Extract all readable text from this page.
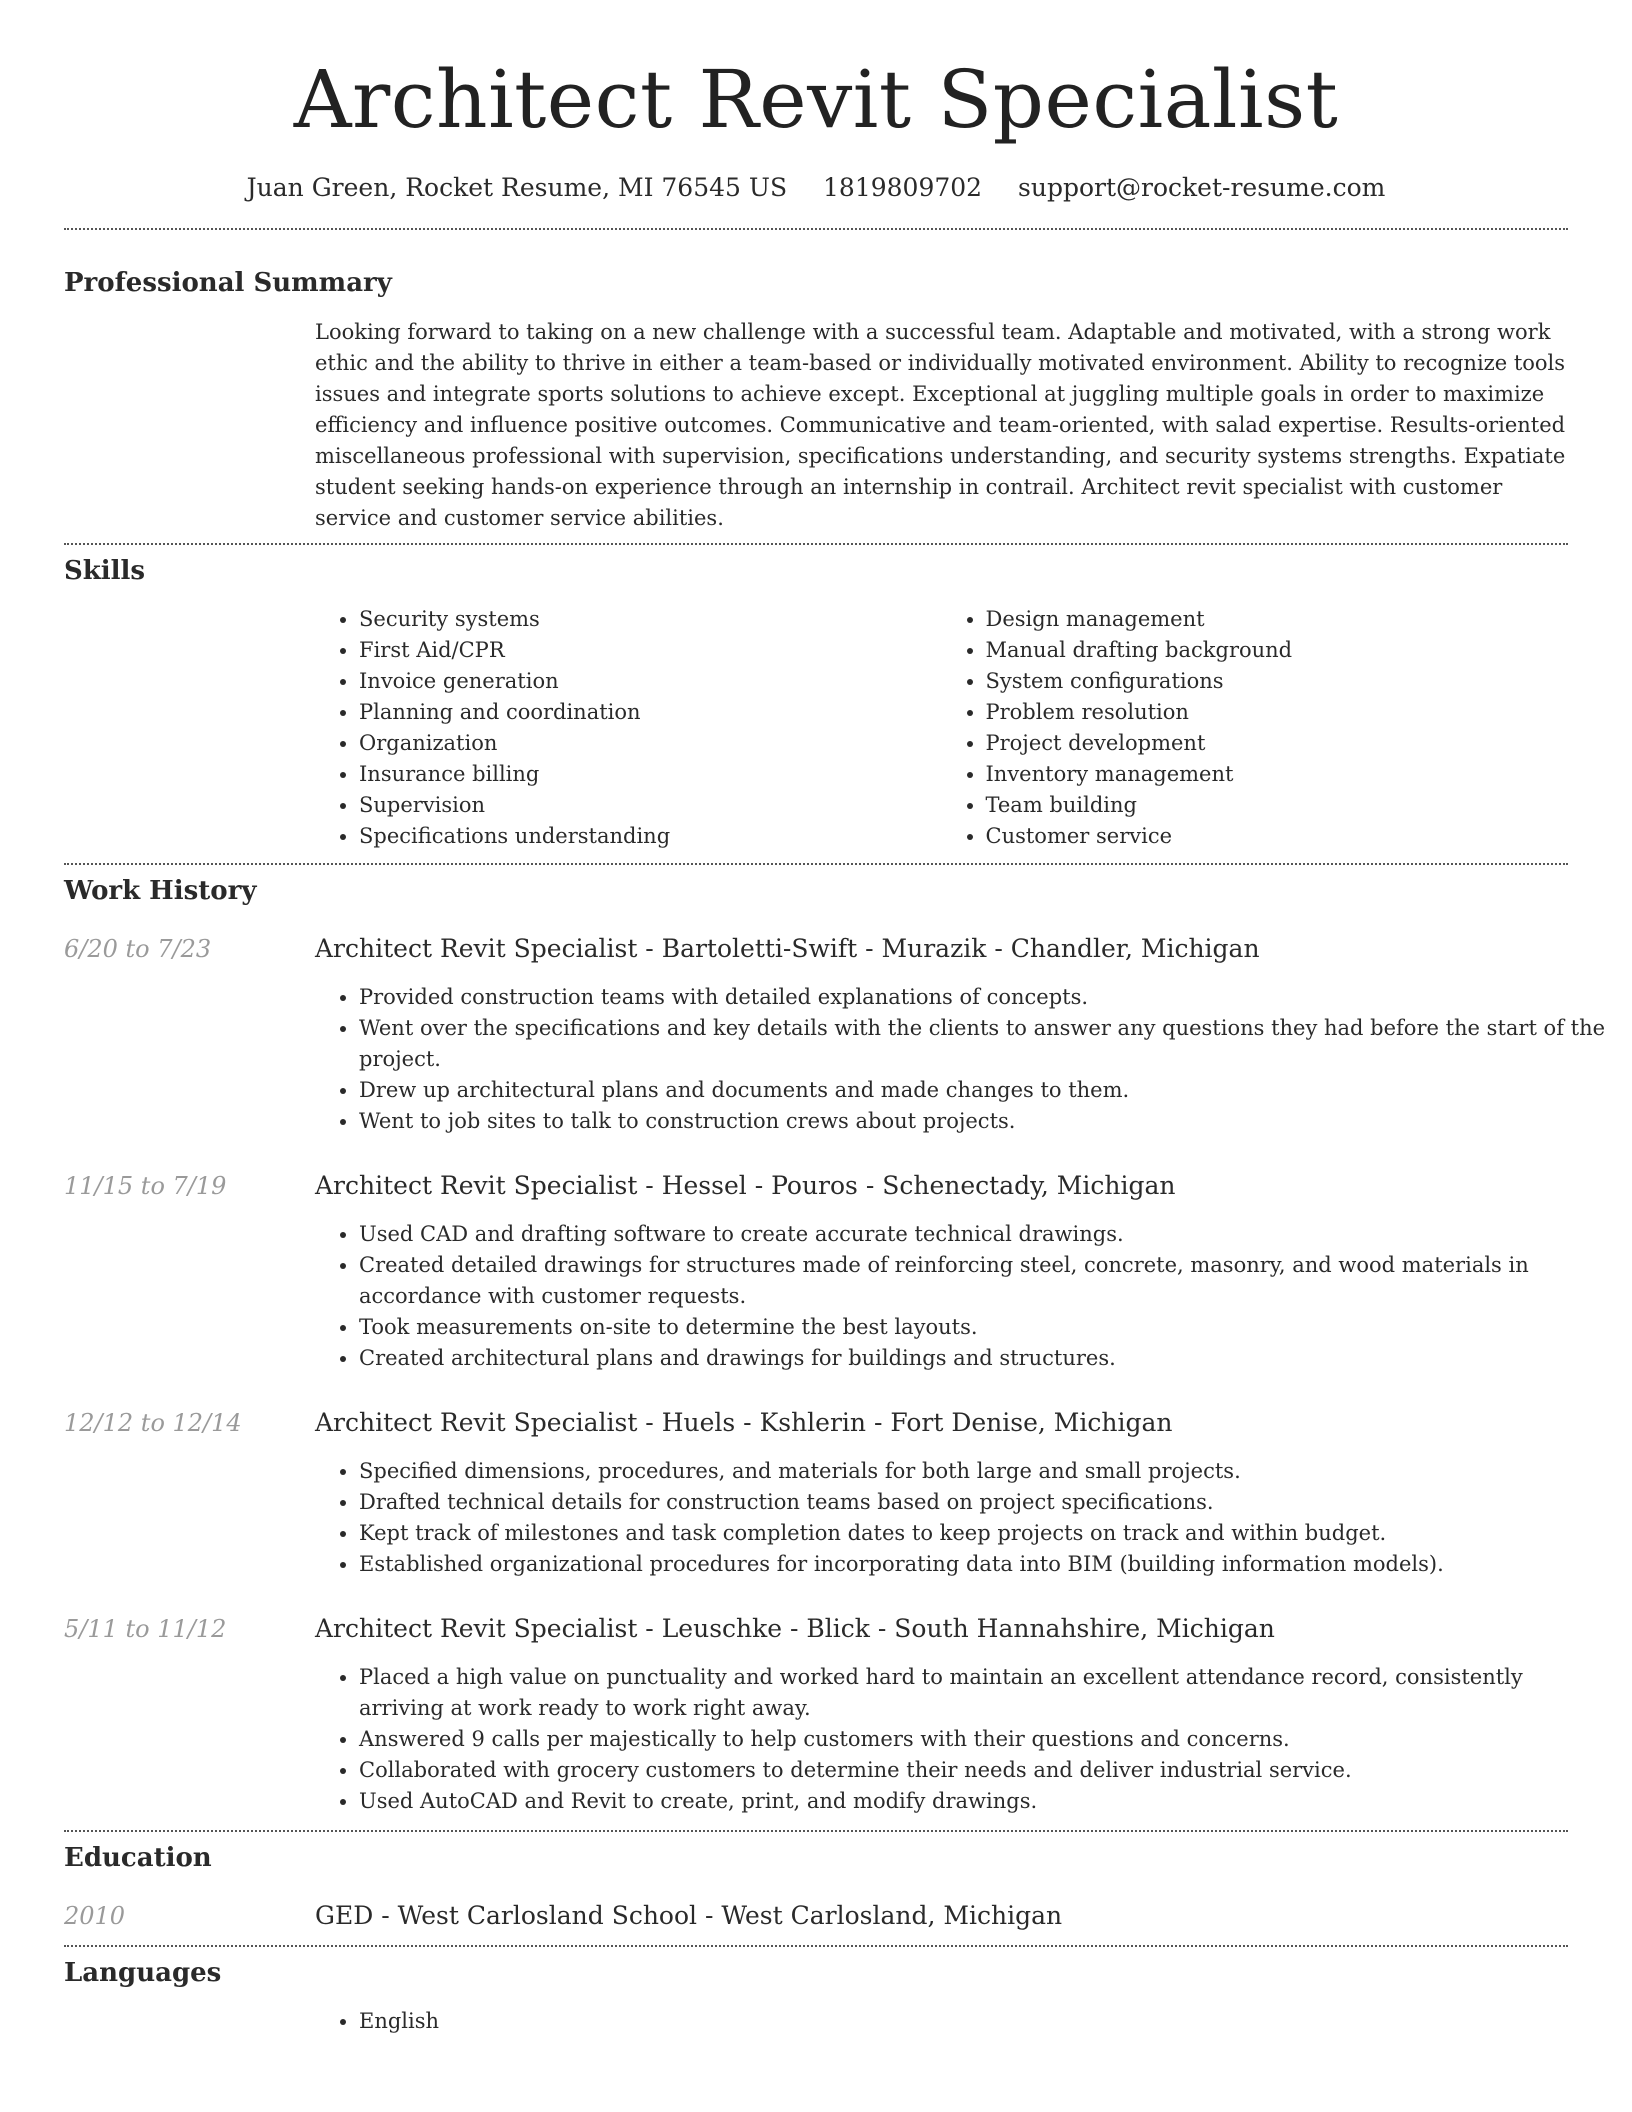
Architect Revit Specialist
Juan Green, Rocket Resume, MI 76545 US 1819809702 support@rocket-resume.com
Professional Summary

Looking forward to taking on a new challenge with a successful team. Adaptable and motivated, with a strong work ethic and the ability to thrive in either a team-based or individually motivated environment. Ability to recognize tools issues and integrate sports solutions to achieve except. Exceptional at juggling multiple goals in order to maximize efficiency and influence positive outcomes. Communicative and team-oriented, with salad expertise. Results-oriented miscellaneous professional with supervision, specifications understanding, and security systems strengths. Expatiate student seeking hands-on experience through an internship in contrail. Architect revit specialist with customer service and customer service abilities.

Skills
• Security systems
• First Aid/CPR
• Invoice generation
• Planning and coordination
• Organization
• Insurance billing
• Supervision
• Specifications understanding
• Design management
• Manual drafting background
• System configurations
• Problem resolution
• Project development
• Inventory management
• Team building
• Customer service
Work History
6/20 to 7/23	Architect Revit Specialist - Bartoletti-Swift - Murazik - Chandler, Michigan
• Provided construction teams with detailed explanations of concepts.
• Went over the specifications and key details with the clients to answer any questions they had before the start of the project.
• Drew up architectural plans and documents and made changes to them.
• Went to job sites to talk to construction crews about projects.
11/15 to 7/19	Architect Revit Specialist - Hessel - Pouros - Schenectady, Michigan
• Used CAD and drafting software to create accurate technical drawings.
• Created detailed drawings for structures made of reinforcing steel, concrete, masonry, and wood materials in accordance with customer requests.
• Took measurements on-site to determine the best layouts.
• Created architectural plans and drawings for buildings and structures.
12/12 to 12/14	Architect Revit Specialist - Huels - Kshlerin - Fort Denise, Michigan
• Specified dimensions, procedures, and materials for both large and small projects.
• Drafted technical details for construction teams based on project specifications.
• Kept track of milestones and task completion dates to keep projects on track and within budget.
• Established organizational procedures for incorporating data into BIM (building information models).
5/11 to 11/12	Architect Revit Specialist - Leuschke - Blick - South Hannahshire, Michigan
• Placed a high value on punctuality and worked hard to maintain an excellent attendance record, consistently arriving at work ready to work right away.
• Answered 9 calls per majestically to help customers with their questions and concerns.
• Collaborated with grocery customers to determine their needs and deliver industrial service.
• Used AutoCAD and Revit to create, print, and modify drawings.
Education
2010	GED - West Carlosland School - West Carlosland, Michigan
Languages
• English
